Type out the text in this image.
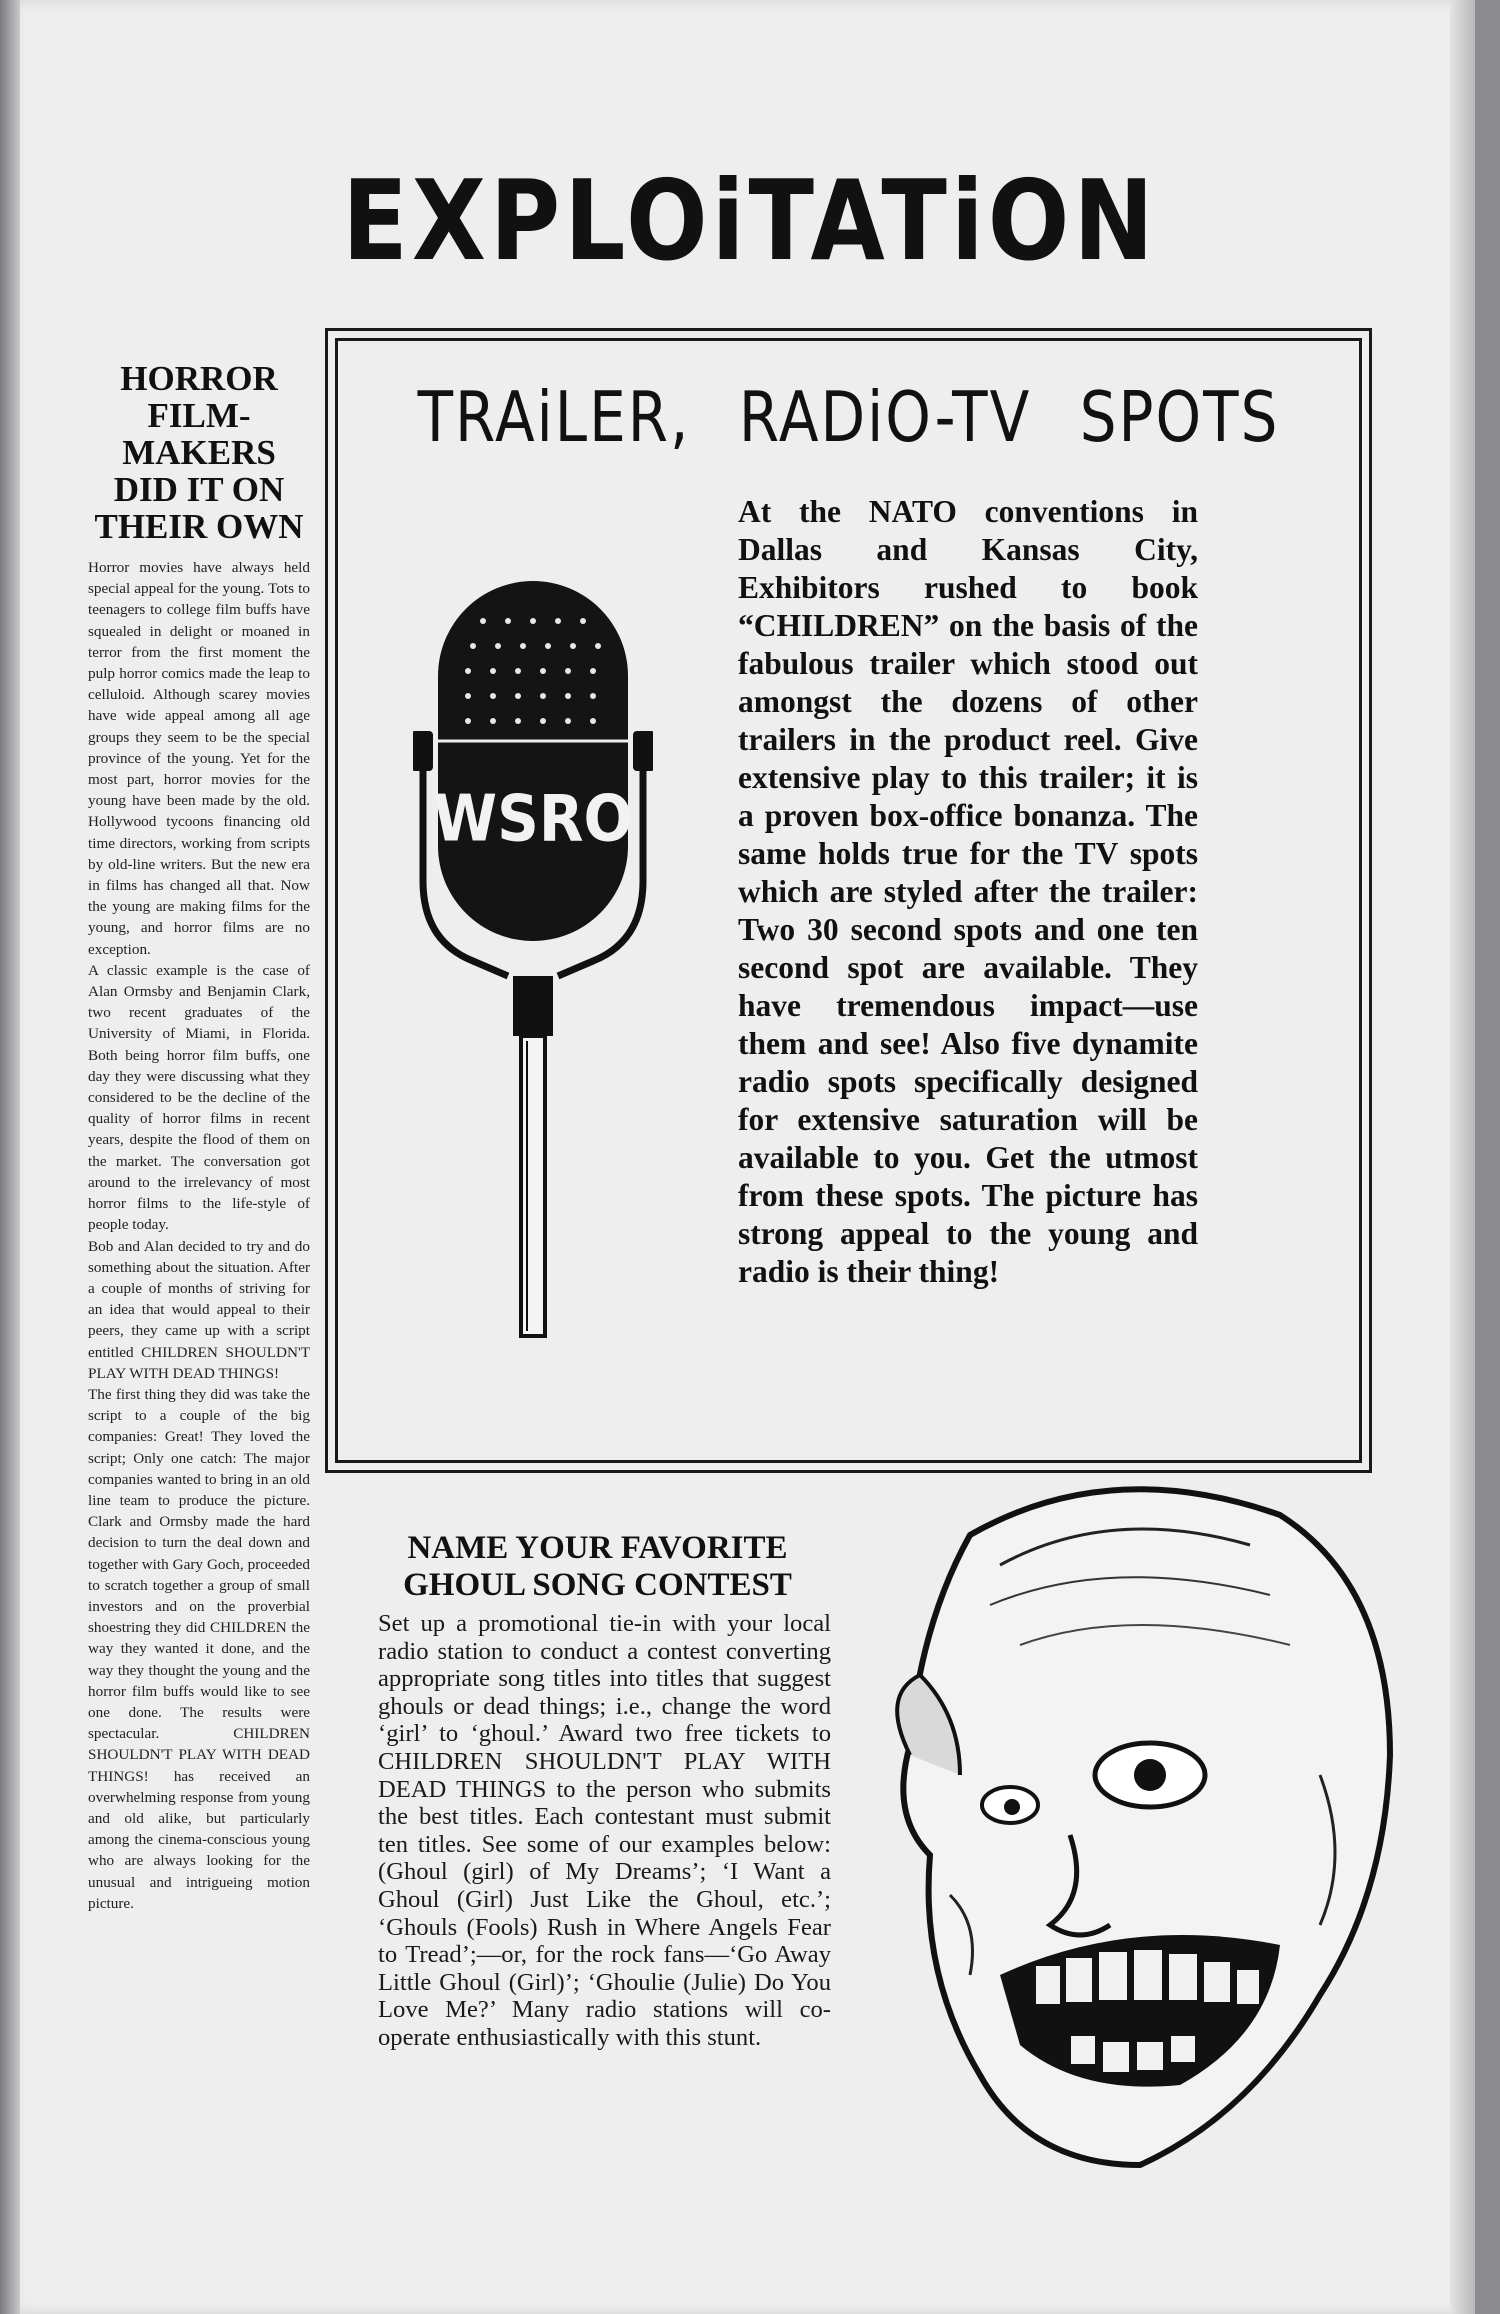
EXPLOiTATiON
HORROR FILM-MAKERS DID IT ON THEIR OWN

Horror movies have always held special appeal for the young. Tots to teenagers to college film buffs have squealed in delight or moaned in terror from the first moment the pulp horror comics made the leap to celluloid. Although scarey movies have wide appeal among all age groups they seem to be the special province of the young. Yet for the most part, horror movies for the young have been made by the old. Hollywood tycoons financing old time directors, working from scripts by old-line writers. But the new era in films has changed all that. Now the young are making films for the young, and horror films are no exception.

A classic example is the case of Alan Ormsby and Benjamin Clark, two recent graduates of the University of Miami, in Florida. Both being horror film buffs, one day they were discussing what they considered to be the decline of the quality of horror films in recent years, despite the flood of them on the market. The conversation got around to the irrelevancy of most horror films to the life-style of people today.

Bob and Alan decided to try and do something about the situation. After a couple of months of striving for an idea that would appeal to their peers, they came up with a script entitled CHILDREN SHOULDN'T PLAY WITH DEAD THINGS!

The first thing they did was take the script to a couple of the big companies: Great! They loved the script; Only one catch: The major companies wanted to bring in an old line team to produce the picture. Clark and Ormsby made the hard decision to turn the deal down and together with Gary Goch, proceeded to scratch together a group of small investors and on the proverbial shoestring they did CHILDREN the way they wanted it done, and the way they thought the young and the horror film buffs would like to see one done. The results were spectacular. CHILDREN SHOULDN'T PLAY WITH DEAD THINGS! has received an overwhelming response from young and old alike, but particularly among the cinema-conscious young who are always looking for the unusual and intrigueing motion picture.

TRAiLER, RADiO-TV SPOTS
WSRO

At the NATO conventions in Dallas and Kansas City, Exhibitors rushed to book “CHILDREN” on the basis of the fabulous trailer which stood out amongst the dozens of other trailers in the product reel. Give extensive play to this trailer; it is a proven box-office bonanza. The same holds true for the TV spots which are styled after the trailer: Two 30 second spots and one ten second spot are available. They have tremendous impact—use them and see! Also five dynamite radio spots specifically designed for extensive saturation will be available to you. Get the utmost from these spots. The picture has strong appeal to the young and radio is their thing!

NAME YOUR FAVORITE GHOUL SONG CONTEST

Set up a promotional tie-in with your local radio station to conduct a contest converting appropriate song titles into titles that suggest ghouls or dead things; i.e., change the word ‘girl’ to ‘ghoul.’ Award two free tickets to CHILDREN SHOULDN'T PLAY WITH DEAD THINGS to the person who submits the best titles. Each contestant must submit ten titles. See some of our examples below: (Ghoul (girl) of My Dreams’; ‘I Want a Ghoul (Girl) Just Like the Ghoul, etc.’; ‘Ghouls (Fools) Rush in Where Angels Fear to Tread’;—or, for the rock fans—‘Go Away Little Ghoul (Girl)’; ‘Ghoulie (Julie) Do You Love Me?’ Many radio stations will co-operate enthusiastically with this stunt.
